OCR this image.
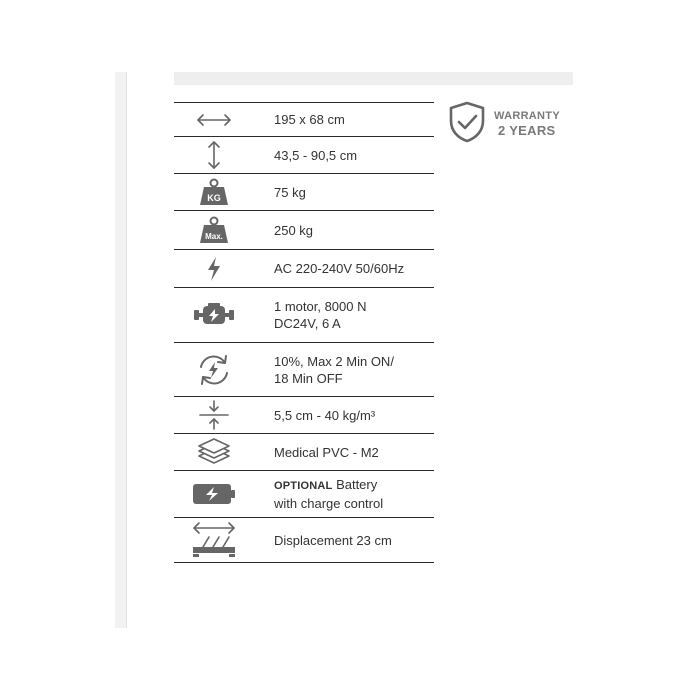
195 x 68 cm
43,5 - 90,5 cm
KG	75 kg
Max.	250 kg
AC 220-240V 50/60Hz
1 motor, 8000 N
DC24V, 6 A
10%, Max 2 Min ON/
18 Min OFF
5,5 cm - 40 kg/m³
Medical PVC - M2
OPTIONAL Battery
with charge control
Displacement 23 cm
WARRANTY
2 YEARS
